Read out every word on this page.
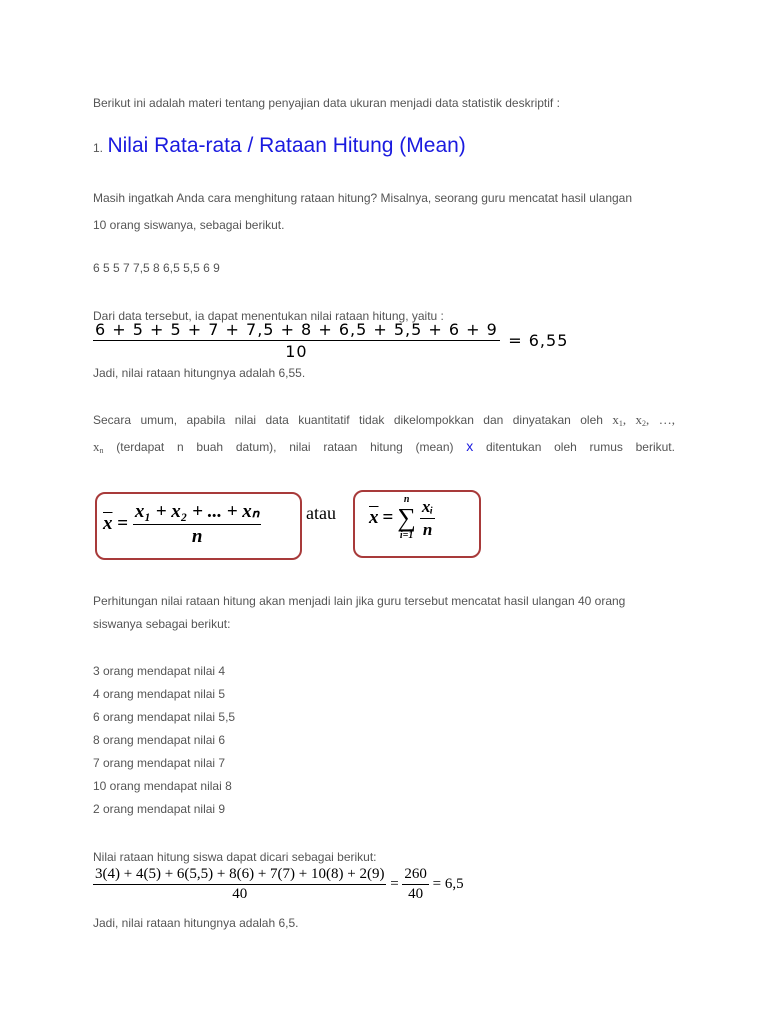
Berikut ini adalah materi tentang penyajian data ukuran menjadi data statistik deskriptif :
1. Nilai Rata-rata / Rataan Hitung (Mean)
Masih ingatkah Anda cara menghitung rataan hitung? Misalnya, seorang guru mencatat hasil ulangan
10 orang siswanya, sebagai berikut.
6 5 5 7 7,5 8 6,5 5,5 6 9
Dari data tersebut, ia dapat menentukan nilai rataan hitung, yaitu :
$\frac{6 + 5 + 5 + 7 + 7,5 + 8 + 6,5 + 5,5 + 6 + 9}{10} = 6,55$
Jadi, nilai rataan hitungnya adalah 6,55.
Secara umum, apabila nilai data kuantitatif tidak dikelompokkan dan dinyatakan oleh $x_1$, $x_2$, …,
$x_n$ (terdapat n buah datum), nilai rataan hitung (mean) x ditentukan oleh rumus berikut.
$\overline{x} = \frac{\text{x₁ + x₂ + ... + xₙ}}{n}$ atau $\overline{x}$ =
n
∑
i=1
$\frac{\text{xᵢ}}{n}$
Perhitungan nilai rataan hitung akan menjadi lain jika guru tersebut mencatat hasil ulangan 40 orang
siswanya sebagai berikut:
3 orang mendapat nilai 4
4 orang mendapat nilai 5
6 orang mendapat nilai 5,5
8 orang mendapat nilai 6
7 orang mendapat nilai 7
10 orang mendapat nilai 8
2 orang mendapat nilai 9
Nilai rataan hitung siswa dapat dicari sebagai berikut:
$\frac{3(4) + 4(5) + 6(5,5) + 8(6) + 7(7) + 10(8) + 2(9)}{40} = \frac{260}{40} = 6,5$
Jadi, nilai rataan hitungnya adalah 6,5.
